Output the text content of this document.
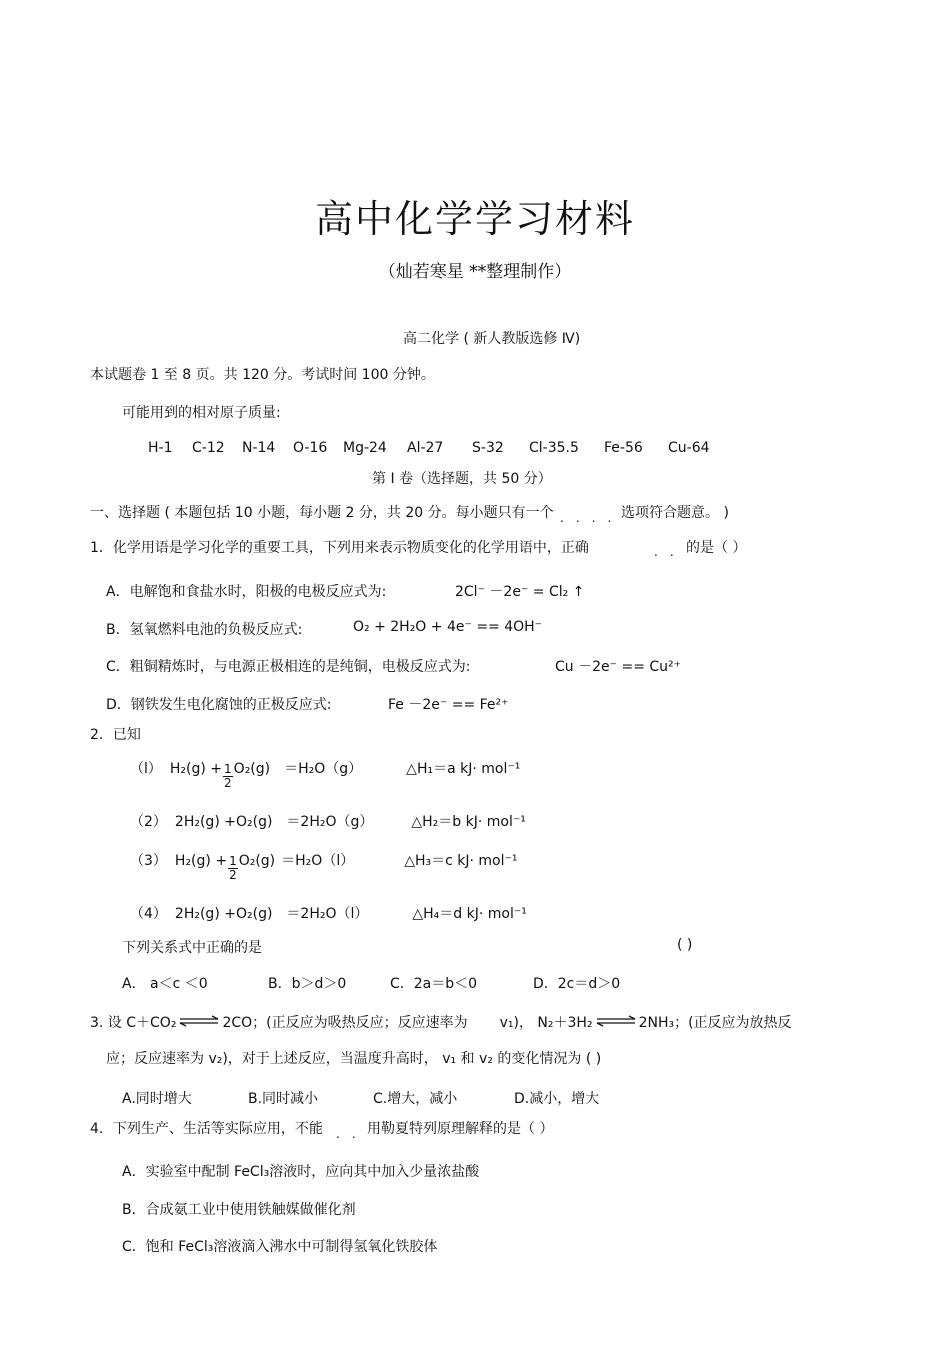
高中化学学习材料
（灿若寒星 **整理制作）
高二化学 ( 新人教版选修 Ⅳ)
本试题卷 1 至 8 页。共 120 分。考试时间 100 分钟。
可能用到的相对原子质量:
H-1 C-12 N-14 O-16 Mg-24 Al-27 S-32 Cl-35.5 Fe-56 Cu-64
第 Ⅰ 卷（选择题，共 50 分）
一、选择题 ( 本题包括 10 小题，每小题 2 分，共 20 分。每小题只有一个 ....
选项符合题意。 )
1．化学用语是学习化学的重要工具，下列用来表示物质变化的化学用语中，正确	.. 的是（ ）
A．电解饱和食盐水时，阳极的电极反应式为:	2Cl⁻ －2e⁻ = Cl₂ ↑
B．氢氧燃料电池的负极反应式:	O₂ + 2H₂O + 4e⁻ == 4OH⁻
C．粗铜精炼时，与电源正极相连的是纯铜，电极反应式为:	Cu －2e⁻ == Cu²⁺
D．钢铁发生电化腐蚀的正极反应式:	Fe －2e⁻ == Fe²⁺
2．已知
（l） $H_2(g) + \frac{1}{2} O_2(g) =H_2O(g)$	△H₁＝a kJ· mol⁻¹
（2） 2H₂(g) + O₂(g) ＝2H₂O（g）	△H₂＝b kJ· mol⁻¹
（3） $H_2(g) + \frac{1}{2} O_2(g) =H_2O(l)$	△H₃＝c kJ· mol⁻¹
（4） 2H₂(g) + O₂(g) ＝2H₂O（l）	△H₄＝d kJ· mol⁻¹
下列关系式中正确的是	( )
A． a＜c ＜0	B．b＞d＞0	C．2a＝b＜0	D．2c＝d＞0
3. 设 C＋CO₂ ⇌ 2CO；(正反应为吸热反应；反应速率为 v₁)， N₂＋3H₂ ⇌ 2NH₃；(正反应为放热反
应；反应速率为 v₂)，对于上述反应，当温度升高时， v₁ 和 v₂ 的变化情况为 ( )
A.同时增大	B.同时减小	C.增大，减小	D.减小，增大
4．下列生产、生活等实际应用，不能 .. 用勒夏特列原理解释的是（ ）
A．实验室中配制 FeCl₃溶液时，应向其中加入少量浓盐酸
B．合成氨工业中使用铁触媒做催化剂
C．饱和 FeCl₃溶液滴入沸水中可制得氢氧化铁胶体
